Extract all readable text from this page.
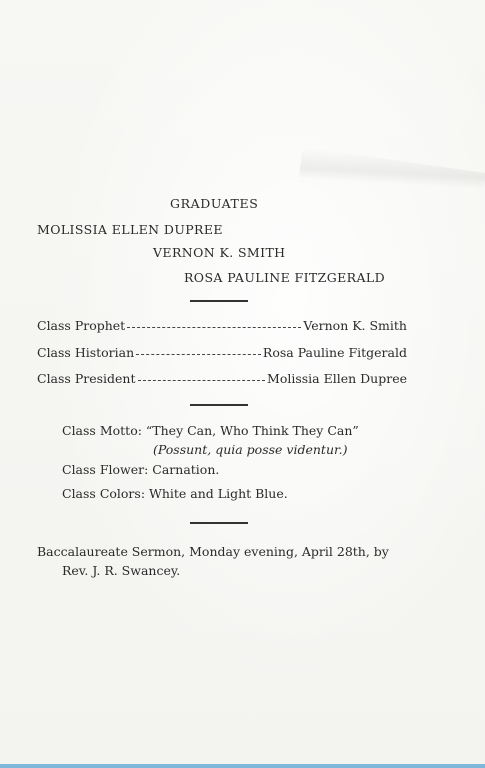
GRADUATES
MOLISSIA ELLEN DUPREE
VERNON K. SMITH
ROSA PAULINE FITZGERALD
Class Prophet	Vernon K. Smith
Class Historian	Rosa Pauline Fitgerald
Class President	Molissia Ellen Dupree
Class Motto: “They Can, Who Think They Can”
(Possunt, quia posse videntur.)
Class Flower: Carnation.
Class Colors: White and Light Blue.
Baccalaureate Sermon, Monday evening, April 28th, by
Rev. J. R. Swancey.
